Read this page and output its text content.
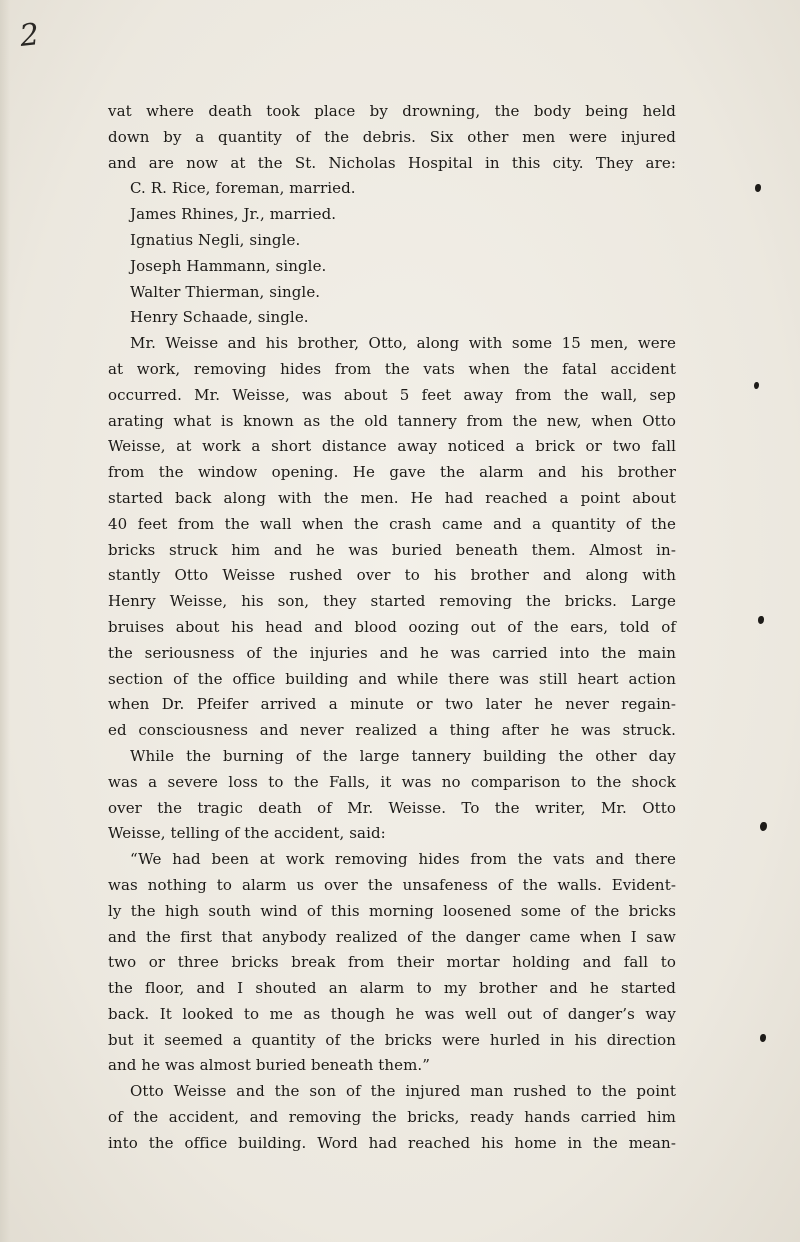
2
vat where death took place by drowning, the body being held
down by a quantity of the debris. Six other men were injured
and are now at the St. Nicholas Hospital in this city. They are:
C. R. Rice, foreman, married.
James Rhines, Jr., married.
Ignatius Negli, single.
Joseph Hammann, single.
Walter Thierman, single.
Henry Schaade, single.
Mr. Weisse and his brother, Otto, along with some 15 men, were
at work, removing hides from the vats when the fatal accident
occurred. Mr. Weisse, was about 5 feet away from the wall, sep
arating what is known as the old tannery from the new, when Otto
Weisse, at work a short distance away noticed a brick or two fall
from the window opening. He gave the alarm and his brother
started back along with the men. He had reached a point about
40 feet from the wall when the crash came and a quantity of the
bricks struck him and he was buried beneath them. Almost in-
stantly Otto Weisse rushed over to his brother and along with
Henry Weisse, his son, they started removing the bricks. Large
bruises about his head and blood oozing out of the ears, told of
the seriousness of the injuries and he was carried into the main
section of the office building and while there was still heart action
when Dr. Pfeifer arrived a minute or two later he never regain-
ed consciousness and never realized a thing after he was struck.
While the burning of the large tannery building the other day
was a severe loss to the Falls, it was no comparison to the shock
over the tragic death of Mr. Weisse. To the writer, Mr. Otto
Weisse, telling of the accident, said:
“We had been at work removing hides from the vats and there
was nothing to alarm us over the unsafeness of the walls. Evident-
ly the high south wind of this morning loosened some of the bricks
and the first that anybody realized of the danger came when I saw
two or three bricks break from their mortar holding and fall to
the floor, and I shouted an alarm to my brother and he started
back. It looked to me as though he was well out of danger’s way
but it seemed a quantity of the bricks were hurled in his direction
and he was almost buried beneath them.”
Otto Weisse and the son of the injured man rushed to the point
of the accident, and removing the bricks, ready hands carried him
into the office building. Word had reached his home in the mean-
